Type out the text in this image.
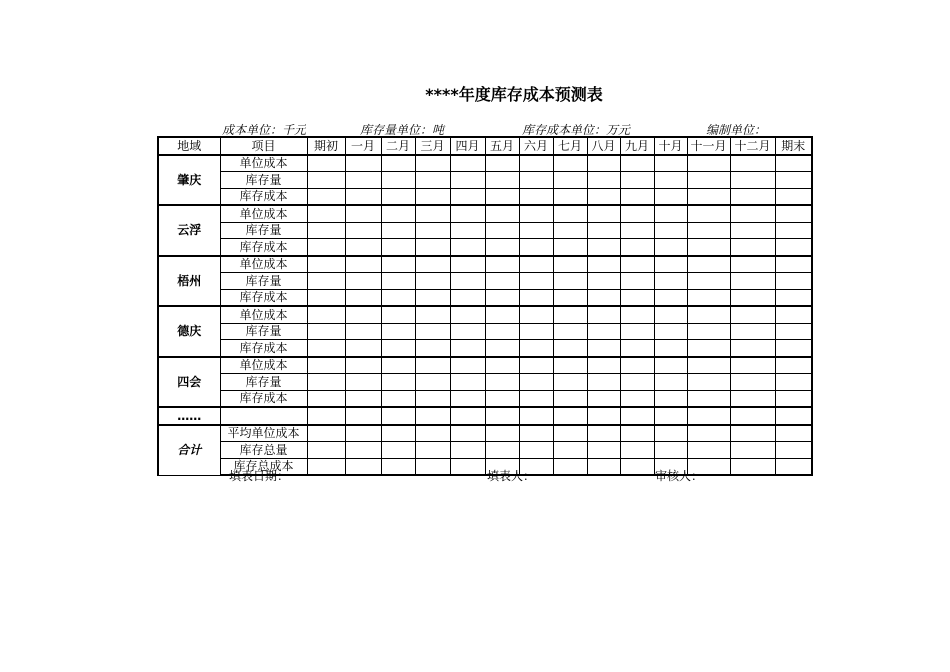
****年度库存成本预测表
成本单位：千元	库存量单位：吨	库存成本单位：万元	编制单位：
地域	项目	期初	一月	二月	三月	四月	五月	六月	七月	八月	九月	十月	十一月	十二月	期末
肇庆	单位成本														
	库存量														
	库存成本														
云浮	单位成本														
	库存量														
	库存成本														
梧州	单位成本														
	库存量														
	库存成本														
德庆	单位成本														
	库存量														
	库存成本														
四会	单位成本														
	库存量														
	库存成本														
……															
合计	平均单位成本														
	库存总量														
	库存总成本														
填表日期：	填表人：	审核人：
